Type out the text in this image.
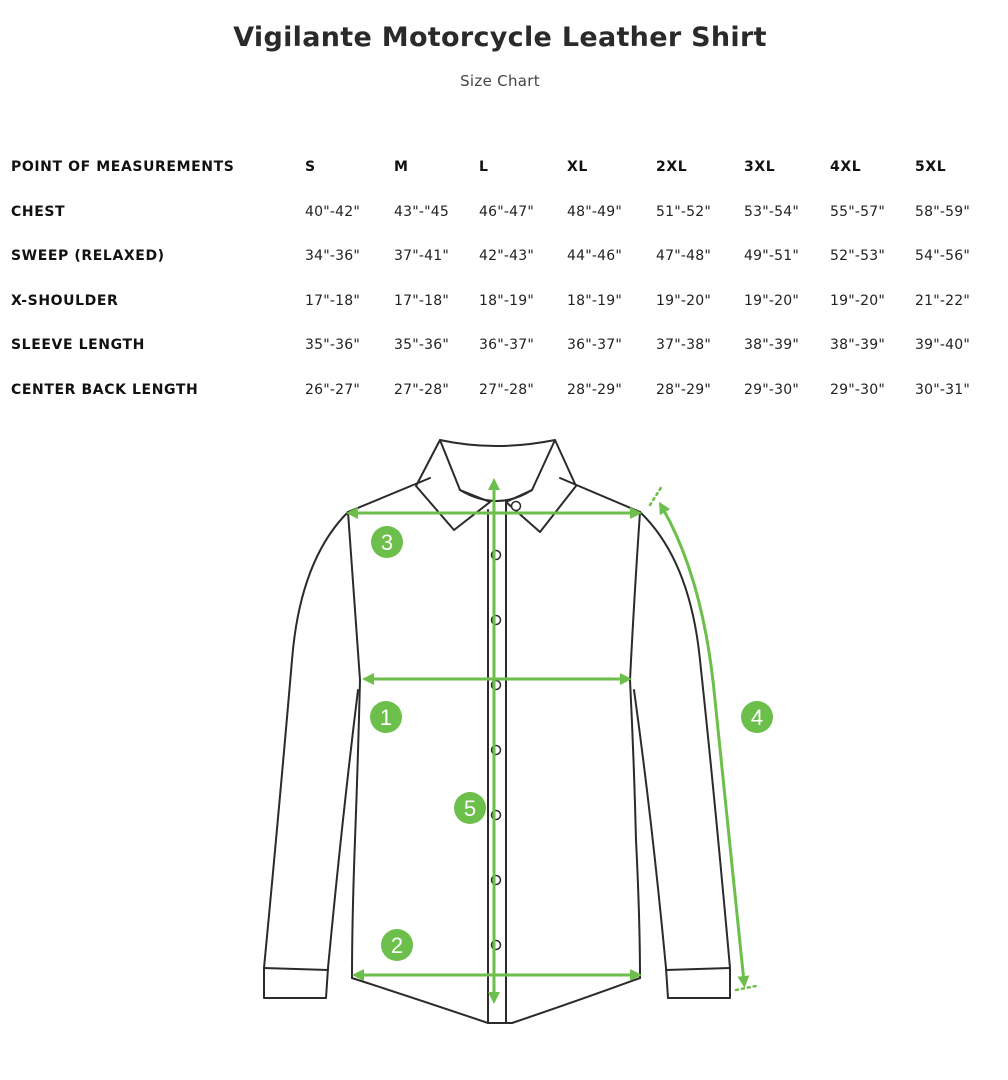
Vigilante Motorcycle Leather Shirt
Size Chart
POINT OF MEASUREMENTS	S	M	L	XL	2XL	3XL	4XL	5XL
CHEST	40"-42"	43"-"45	46"-47"	48"-49"	51"-52"	53"-54"	55"-57"	58"-59"
SWEEP (RELAXED)	34"-36"	37"-41"	42"-43"	44"-46"	47"-48"	49"-51"	52"-53"	54"-56"
X-SHOULDER	17"-18"	17"-18"	18"-19"	18"-19"	19"-20"	19"-20"	19"-20"	21"-22"
SLEEVE LENGTH	35"-36"	35"-36"	36"-37"	36"-37"	37"-38"	38"-39"	38"-39"	39"-40"
CENTER BACK LENGTH	26"-27"	27"-28"	27"-28"	28"-29"	28"-29"	29"-30"	29"-30"	30"-31"
1
2
3
4
5
